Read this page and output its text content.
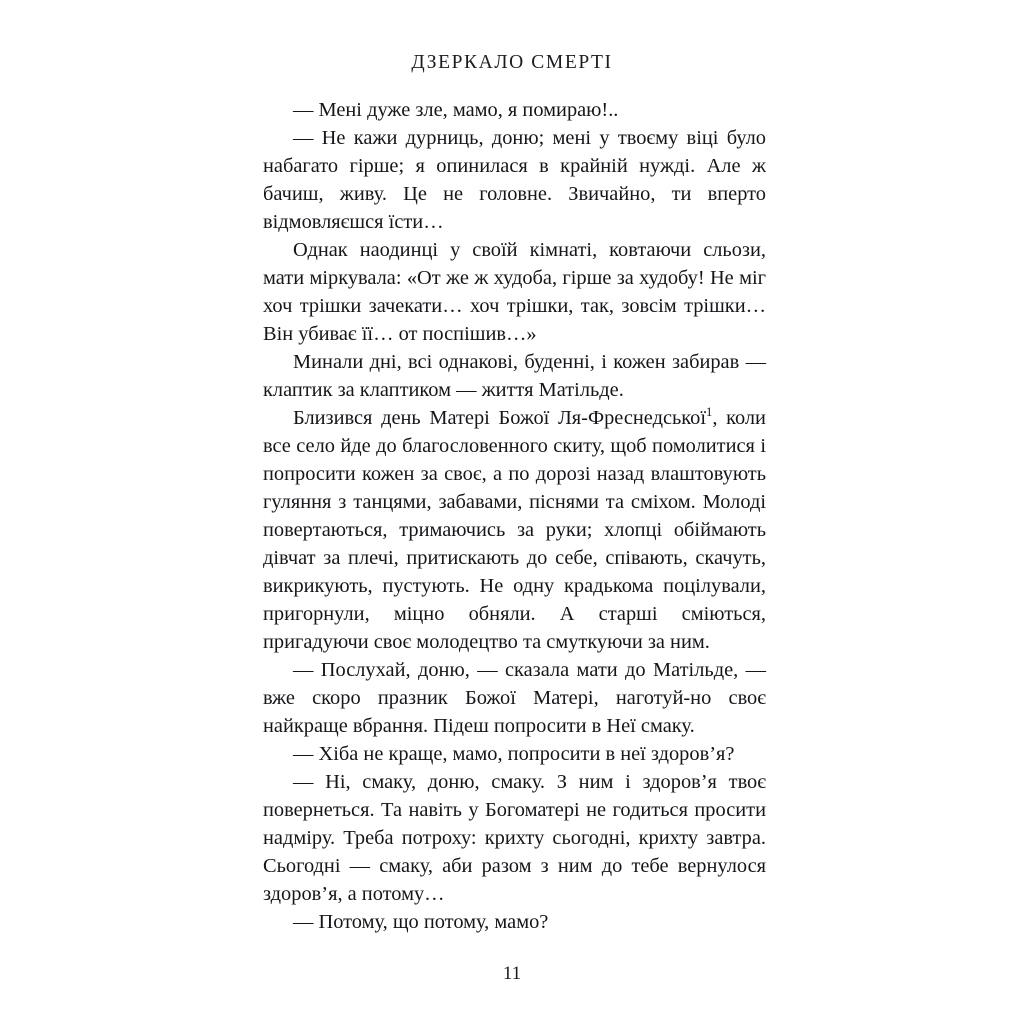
ДЗЕРКАЛО СМЕРТІ

— Мені дуже зле, мамо, я помираю!..

— Не кажи дурниць, доню; мені у твоєму віці було набагато гірше; я опинилася в крайній нужді. Але ж бачиш, живу. Це не головне. Звичайно, ти вперто відмовляєшся їсти…

Однак наодинці у своїй кімнаті, ковтаючи сльози, мати міркувала: «От же ж худоба, гірше за худобу! Не міг хоч трішки зачекати… хоч трішки, так, зовсім трішки… Він убиває її… от поспішив…»

Минали дні, всі однакові, буденні, і кожен забирав — клаптик за клаптиком — життя Матільде.

Близився день Матері Божої Ля-Фреснедської$^1$, коли все село йде до благословенного скиту, щоб помолитися і попросити кожен за своє, а по дорозі назад влаштовують гуляння з танцями, забавами, піснями та сміхом. Молоді повертаються, тримаючись за руки; хлопці обіймають дівчат за плечі, притискають до себе, співають, скачуть, викрикують, пустують. Не одну крадькома поцілували, пригорнули, міцно обняли. А старші сміються, пригадуючи своє молодецтво та смуткуючи за ним.

— Послухай, доню, — сказала мати до Матільде, — вже скоро празник Божої Матері, наготуй-но своє найкраще вбрання. Підеш попросити в Неї смаку.

— Хіба не краще, мамо, попросити в неї здоров’я?

— Ні, смаку, доню, смаку. З ним і здоров’я твоє повернеться. Та навіть у Богоматері не годиться просити надміру. Треба потроху: крихту сьогодні, крихту завтра. Сьогодні — смаку, аби разом з ним до тебе вернулося здоров’я, а потому…

— Потому, що потому, мамо?

11
